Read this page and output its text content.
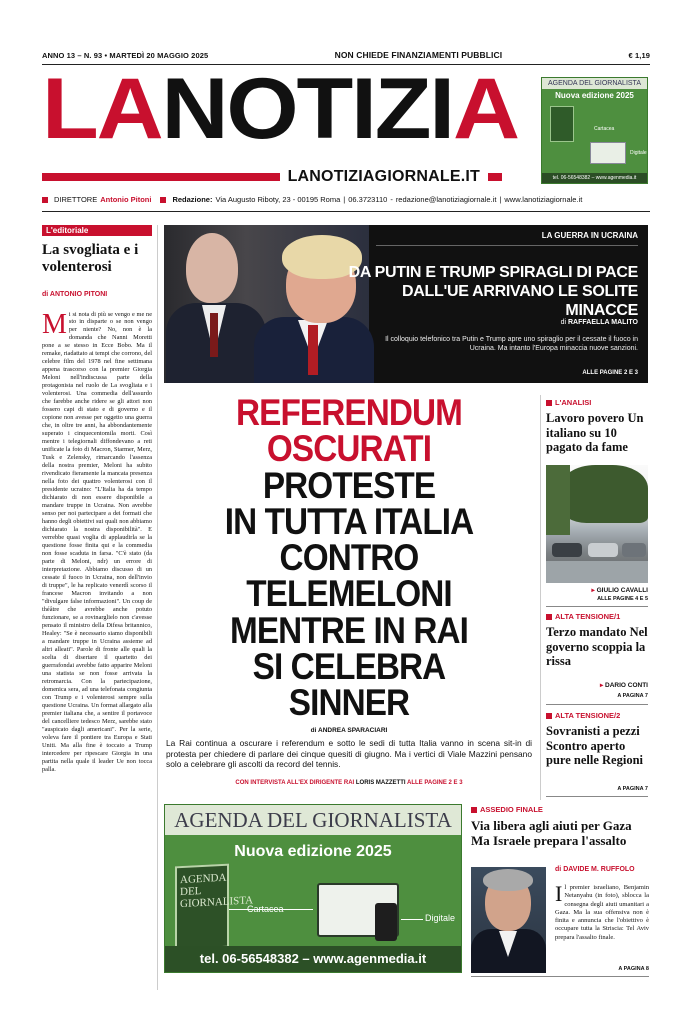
ANNO 13 – N. 93 • MARTEDÌ 20 MAGGIO 2025	NON CHIEDE FINANZIAMENTI PUBBLICI	€ 1,19
LANOTIZIA
LANOTIZIAGIORNALE.IT
AGENDA DEL GIORNALISTA
Nuova edizione 2025
Cartacea
Digitale
tel. 06-56548382 – www.agenmedia.it
DIRETTORE Antonio Pitoni	Redazione: Via Augusto Riboty, 23 - 00195 Roma | 06.3723110 - redazione@lanotiziagiornale.it | www.lanotiziagiornale.it
L'editoriale
La svogliata e i volenterosi
di ANTONIO PITONI
Mi si nota di più se vengo e me ne sto in disparte o se non vengo per niente? No, non è la domanda che Nanni Moretti pone a se stesso in Ecce Bobo. Ma il remake, riadattato ai tempi che corrono, del celebre film del 1978 nel fine settimana appena trascorso con la premier Giorgia Meloni nell'indiscussa parte della protagonista nel ruolo de La svogliata e i volenterosi. Una commedia dell'assurdo che farebbe anche ridere se gli attori non fossero capi di stato e di governo e il copione non avesse per oggetto una guerra che, in oltre tre anni, ha abbondantemente superato i cinquecentomila morti. Così mentre i telegiornali diffondevano a reti unificate la foto di Macron, Starmer, Merz, Tusk e Zelensky, rimarcando l'assenza della nostra premier, Meloni ha subito rivendicato fieramente la mancata presenza nella foto dei quattro volenterosi con il presidente ucraino: "L'Italia ha da tempo dichiarato di non essere disponibile a mandare truppe in Ucraina. Non avrebbe senso per noi partecipare a dei formati che hanno degli obiettivi sui quali non abbiamo dichiarato la nostra disponibilità". E verrebbe quasi voglia di applaudirla se la questione fosse finita qui e la commedia non fosse scaduta in farsa. "C'è stato (da parte di Meloni, ndr) un errore di interpretazione. Abbiamo discusso di un cessate il fuoco in Ucraina, non dell'invio di truppe", le ha replicato venerdì scorso il francese Macron invitando a non "divulgare false informazioni". Un coup de théâtre che avrebbe anche potuto funzionare, se a rovinarglielo non c'avesse pensato il ministro della Difesa britannico, Healey: "Se è necessario siamo disponibili a mandare truppe in Ucraina assieme ad altri alleati". Parole di fronte alle quali la scelta di disertare il quartetto dei guerrafondai avrebbe fatto apparire Meloni una statista se non fosse arrivata la retromarcia. Con la partecipazione, domenica sera, ad una telefonata congiunta con Trump e i volenterosi sempre sulla questione Ucraina. Un format allargato alla premier italiana che, a sentire il portavoce del cancelliere tedesco Merz, sarebbe stato "auspicato dagli americani". Per la serie, voleva fare il pontiere tra Europa e Stati Uniti. Ma alla fine è toccato a Trump intercedere per ripescare Giorgia in una partita nella quale il leader Ue non tocca palla.
LA GUERRA IN UCRAINA
DA PUTIN E TRUMP SPIRAGLI DI PACE
DALL'UE ARRIVANO LE SOLITE MINACCE
di RAFFAELLA MALITO
Il colloquio telefonico tra Putin e Trump apre uno spiraglio per il cessate il fuoco in Ucraina. Ma intanto l'Europa minaccia nuove sanzioni.
ALLE PAGINE 2 E 3
REFERENDUM
OSCURATI
PROTESTE
IN TUTTA ITALIA
CONTRO
TELEMELONI
MENTRE IN RAI
SI CELEBRA
SINNER
di ANDREA SPARACIARI
La Rai continua a oscurare i referendum e sotto le sedi di tutta Italia vanno in scena sit-in di protesta per chiedere di parlare dei cinque quesiti di giugno. Ma i vertici di Viale Mazzini pensano solo a celebrare gli ascolti da record del tennis.
CON INTERVISTA ALL'EX DIRIGENTE RAI LORIS MAZZETTI ALLE PAGINE 2 E 3
L'ANALISI
Lavoro povero Un italiano su 10 pagato da fame
▸ GIULIO CAVALLI
ALLE PAGINE 4 E 5
ALTA TENSIONE/1
Terzo mandato Nel governo scoppia la rissa
▸ DARIO CONTI
A PAGINA 7
ALTA TENSIONE/2
Sovranisti a pezzi Scontro aperto pure nelle Regioni
A PAGINA 7
AGENDA DEL GIORNALISTA
Nuova edizione 2025
AGENDA DEL GIORNALISTA
Cartacea
Digitale
tel. 06-56548382 – www.agenmedia.it
ASSEDIO FINALE
Via libera agli aiuti per Gaza Ma Israele prepara l'assalto
di DAVIDE M. RUFFOLO
Il premier israeliano, Benjamin Netanyahu (in foto), sblocca la consegna degli aiuti umanitari a Gaza. Ma la sua offensiva non è finita e annuncia che l'obiettivo è occupare tutta la Striscia: Tel Aviv prepara l'assalto finale.
A PAGINA 8
